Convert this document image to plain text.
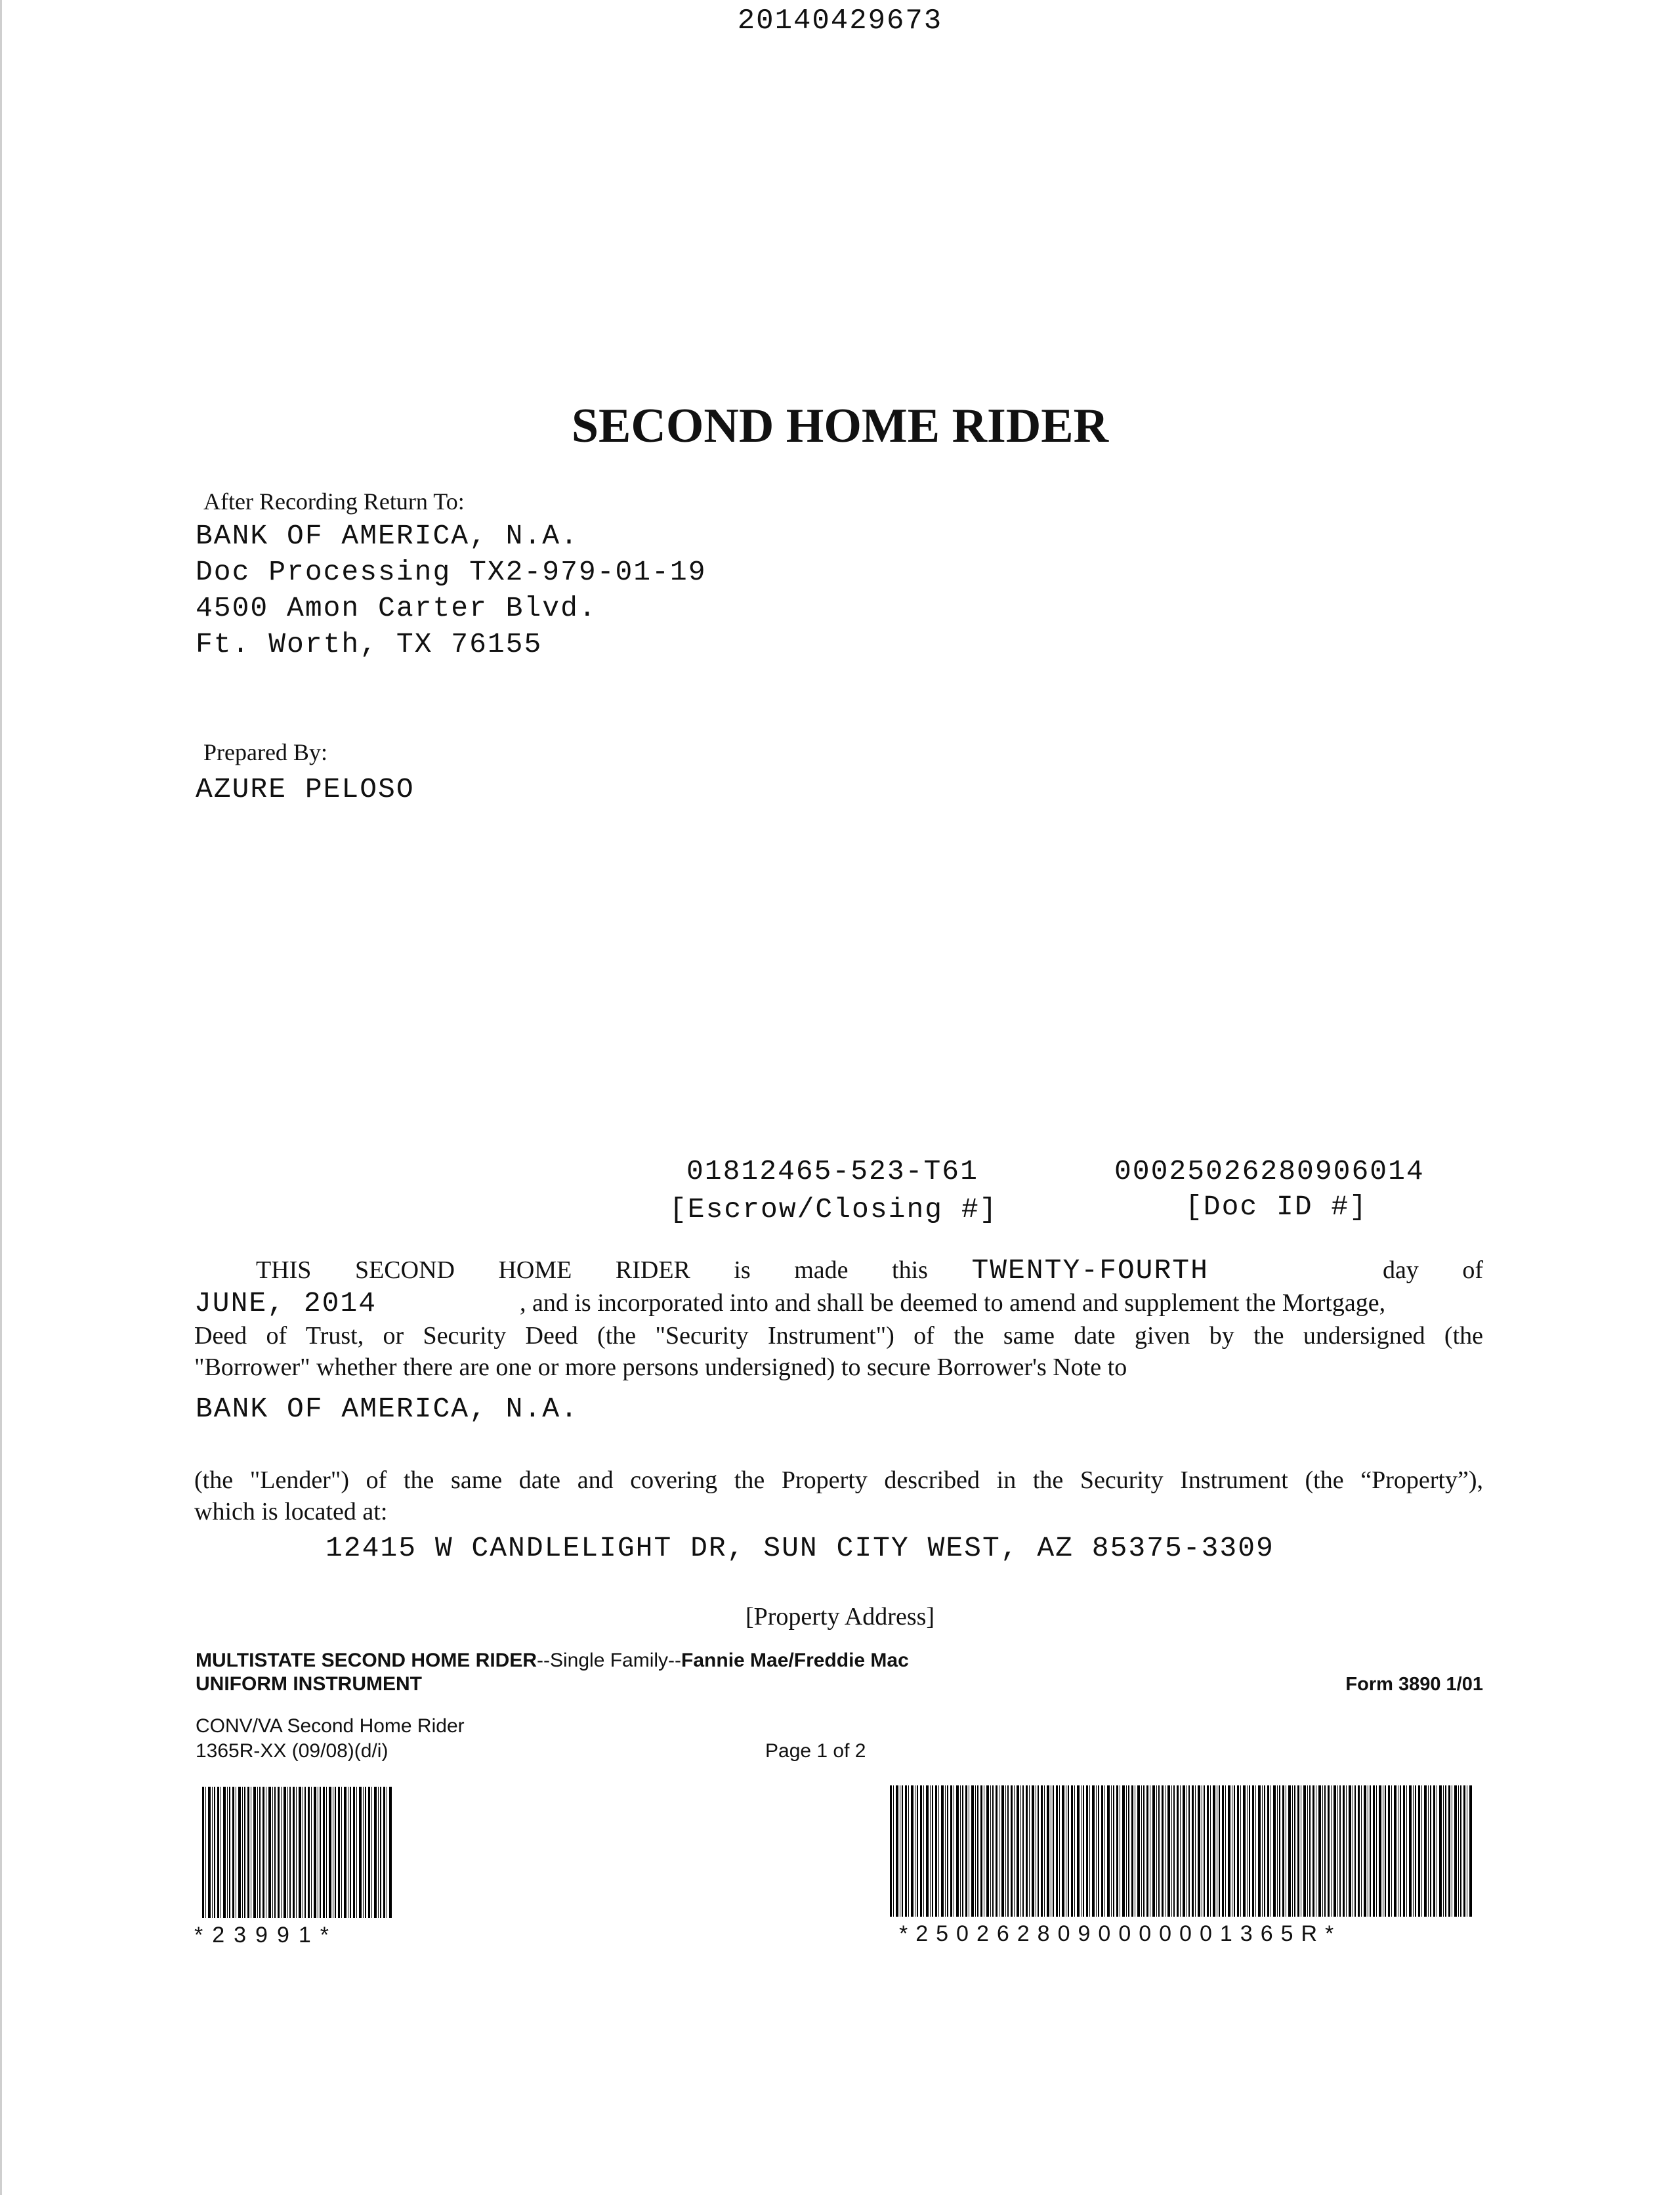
20140429673
SECOND HOME RIDER
After Recording Return To:
BANK OF AMERICA, N.A.
Doc Processing TX2-979-01-19
4500 Amon Carter Blvd.
Ft. Worth, TX 76155
Prepared By:
AZURE PELOSO
01812465-523-T61
[Escrow/Closing #]
00025026280906014
[Doc ID #]
THIS SECOND HOME RIDER is made this TWENTY-FOURTH	day of
JUNE, 2014	, and is incorporated into and shall be deemed to amend and supplement the Mortgage,
Deed of Trust, or Security Deed (the "Security Instrument") of the same date given by the undersigned (the
"Borrower" whether there are one or more persons undersigned) to secure Borrower's Note to
BANK OF AMERICA, N.A.
(the "Lender") of the same date and covering the Property described in the Security Instrument (the “Property”),
which is located at:
12415 W CANDLELIGHT DR, SUN CITY WEST, AZ 85375-3309
[Property Address]
MULTISTATE SECOND HOME RIDER--Single Family--Fannie Mae/Freddie Mac
UNIFORM INSTRUMENT	Form 3890 1/01
CONV/VA Second Home Rider
1365R-XX (09/08)(d/i)	Page 1 of 2
*23991*	*2502628090000001365R*
